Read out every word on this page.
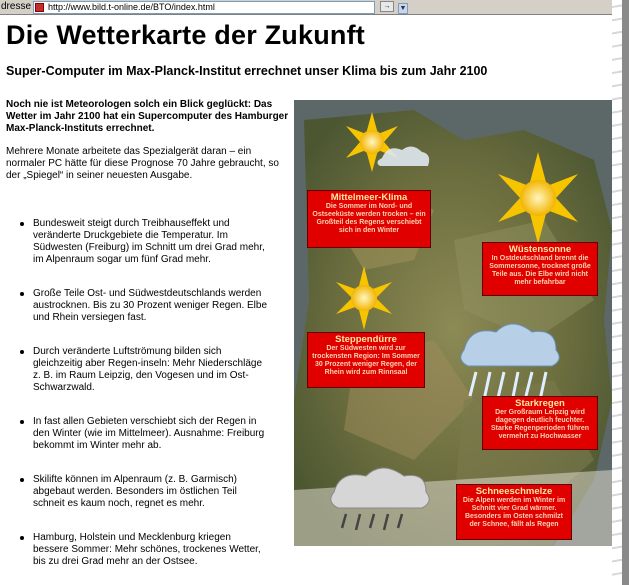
dresse http://www.bild.t-online.de/BTO/index.html	▼
→
Die Wetterkarte der Zukunft

Super-Computer im Max-Planck-Institut errechnet unser Klima bis zum Jahr 2100

Noch nie ist Meteorologen solch ein Blick geglückt: Das Wetter im Jahr 2100 hat ein Supercomputer des Hamburger Max-Planck-Instituts errechnet.
Mehrere Monate arbeitete das Spezialgerät daran – ein normaler PC hätte für diese Prognose 70 Jahre gebraucht, so der „Spiegel“ in seiner neuesten Ausgabe.
Bundesweit steigt durch Treibhauseffekt und veränderte Druckgebiete die Temperatur. Im Südwesten (Freiburg) im Schnitt um drei Grad mehr, im Alpenraum sogar um fünf Grad mehr.
Große Teile Ost- und Südwestdeutschlands werden austrocknen. Bis zu 30 Prozent weniger Regen. Elbe und Rhein versiegen fast.
Durch veränderte Luftströmung bilden sich gleichzeitig aber Regen-inseln: Mehr Niederschläge z. B. im Raum Leipzig, den Vogesen und im Ost-Schwarzwald.
In fast allen Gebieten verschiebt sich der Regen in den Winter (wie im Mittelmeer). Ausnahme: Freiburg bekommt im Winter mehr ab.
Skilifte können im Alpenraum (z. B. Garmisch) abgebaut werden. Besonders im östlichen Teil schneit es kaum noch, regnet es mehr.
Hamburg, Holstein und Mecklenburg kriegen bessere Sommer: Mehr schönes, trockenes Wetter, bis zu drei Grad mehr an der Ostsee.
Mittelmeer-Klima
Die Sommer im Nord- und Ostseeküste werden trocken – ein Großteil des Regens verschiebt sich in den Winter
Wüstensonne
In Ostdeutschland brennt die Sommersonne, trocknet große Teile aus. Die Elbe wird nicht mehr befahrbar
Steppendürre
Der Südwesten wird zur trockensten Region: Im Sommer 30 Prozent weniger Regen, der Rhein wird zum Rinnsaal
Starkregen
Der Großraum Leipzig wird dagegen deutlich feuchter. Starke Regenperioden führen vermehrt zu Hochwasser
Schneeschmelze
Die Alpen werden im Winter im Schnitt vier Grad wärmer. Besonders im Osten schmilzt der Schnee, fällt als Regen
